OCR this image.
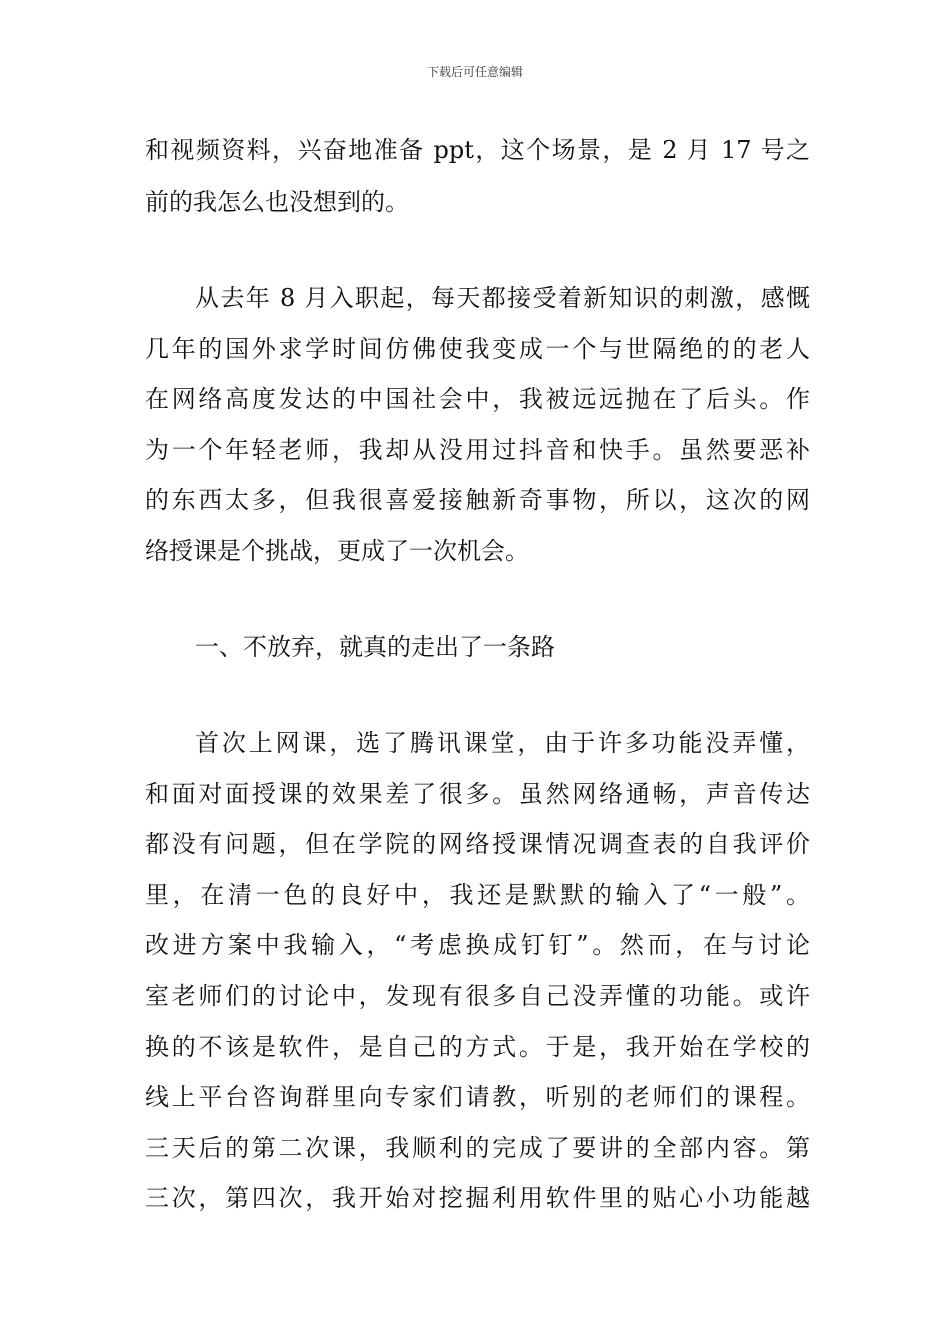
下载后可任意编辑
和视频资料，兴奋地准备 ppt，这个场景，是 2 月 17 号之
前的我怎么也没想到的。
从去年 8 月入职起，每天都接受着新知识的刺激，感慨
几年的国外求学时间仿佛使我变成一个与世隔绝的的老人
在网络高度发达的中国社会中，我被远远抛在了后头。作
为一个年轻老师，我却从没用过抖音和快手。虽然要恶补
的东西太多，但我很喜爱接触新奇事物，所以，这次的网
络授课是个挑战，更成了一次机会。
一、不放弃，就真的走出了一条路
首次上网课，选了腾讯课堂，由于许多功能没弄懂，
和面对面授课的效果差了很多。虽然网络通畅，声音传达
都没有问题，但在学院的网络授课情况调查表的自我评价
里，在清一色的良好中，我还是默默的输入了“一般”。
改进方案中我输入，“考虑换成钉钉”。然而，在与讨论
室老师们的讨论中，发现有很多自己没弄懂的功能。或许
换的不该是软件，是自己的方式。于是，我开始在学校的
线上平台咨询群里向专家们请教，听别的老师们的课程。
三天后的第二次课，我顺利的完成了要讲的全部内容。第
三次，第四次，我开始对挖掘利用软件里的贴心小功能越
